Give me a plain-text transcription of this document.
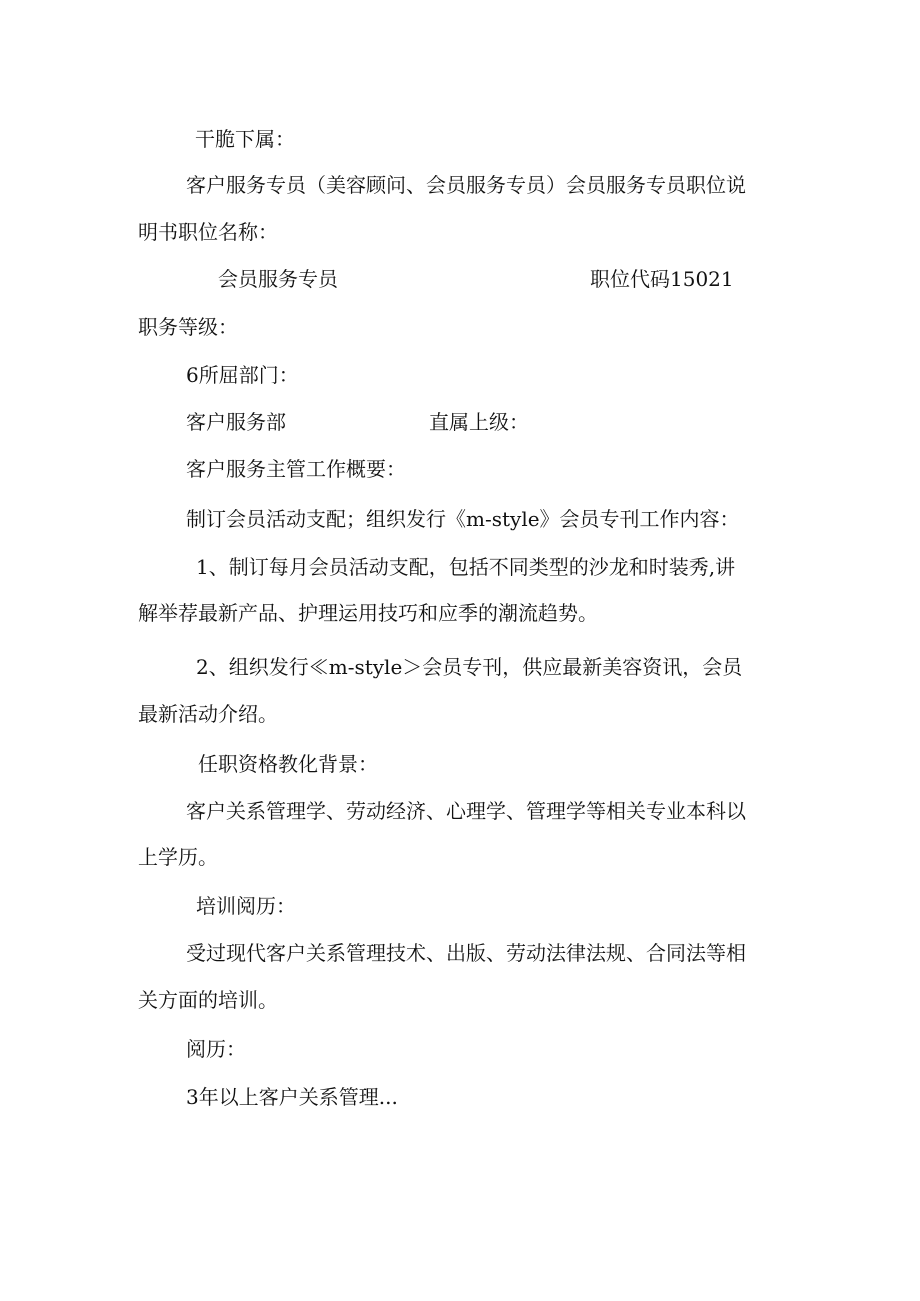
干脆下属：
客户服务专员（美容顾问、会员服务专员）会员服务专员职位说
明书职位名称：
会员服务专员	职位代码15021
职务等级：
6所屈部门：
客户服务部	直属上级：
客户服务主管工作概要：
制订会员活动支配；组织发行《m-style》会员专刊工作内容：
1、制订每月会员活动支配，包括不同类型的沙龙和时装秀,讲
解举荐最新产品、护理运用技巧和应季的潮流趋势。
2、组织发行≪m-style＞会员专刊，供应最新美容资讯，会员
最新活动介绍。
任职资格教化背景：
客户关系管理学、劳动经济、心理学、管理学等相关专业本科以
上学历。
培训阅历：
受过现代客户关系管理技术、出版、劳动法律法规、合同法等相
关方面的培训。
阅历：
3年以上客户关系管理...
